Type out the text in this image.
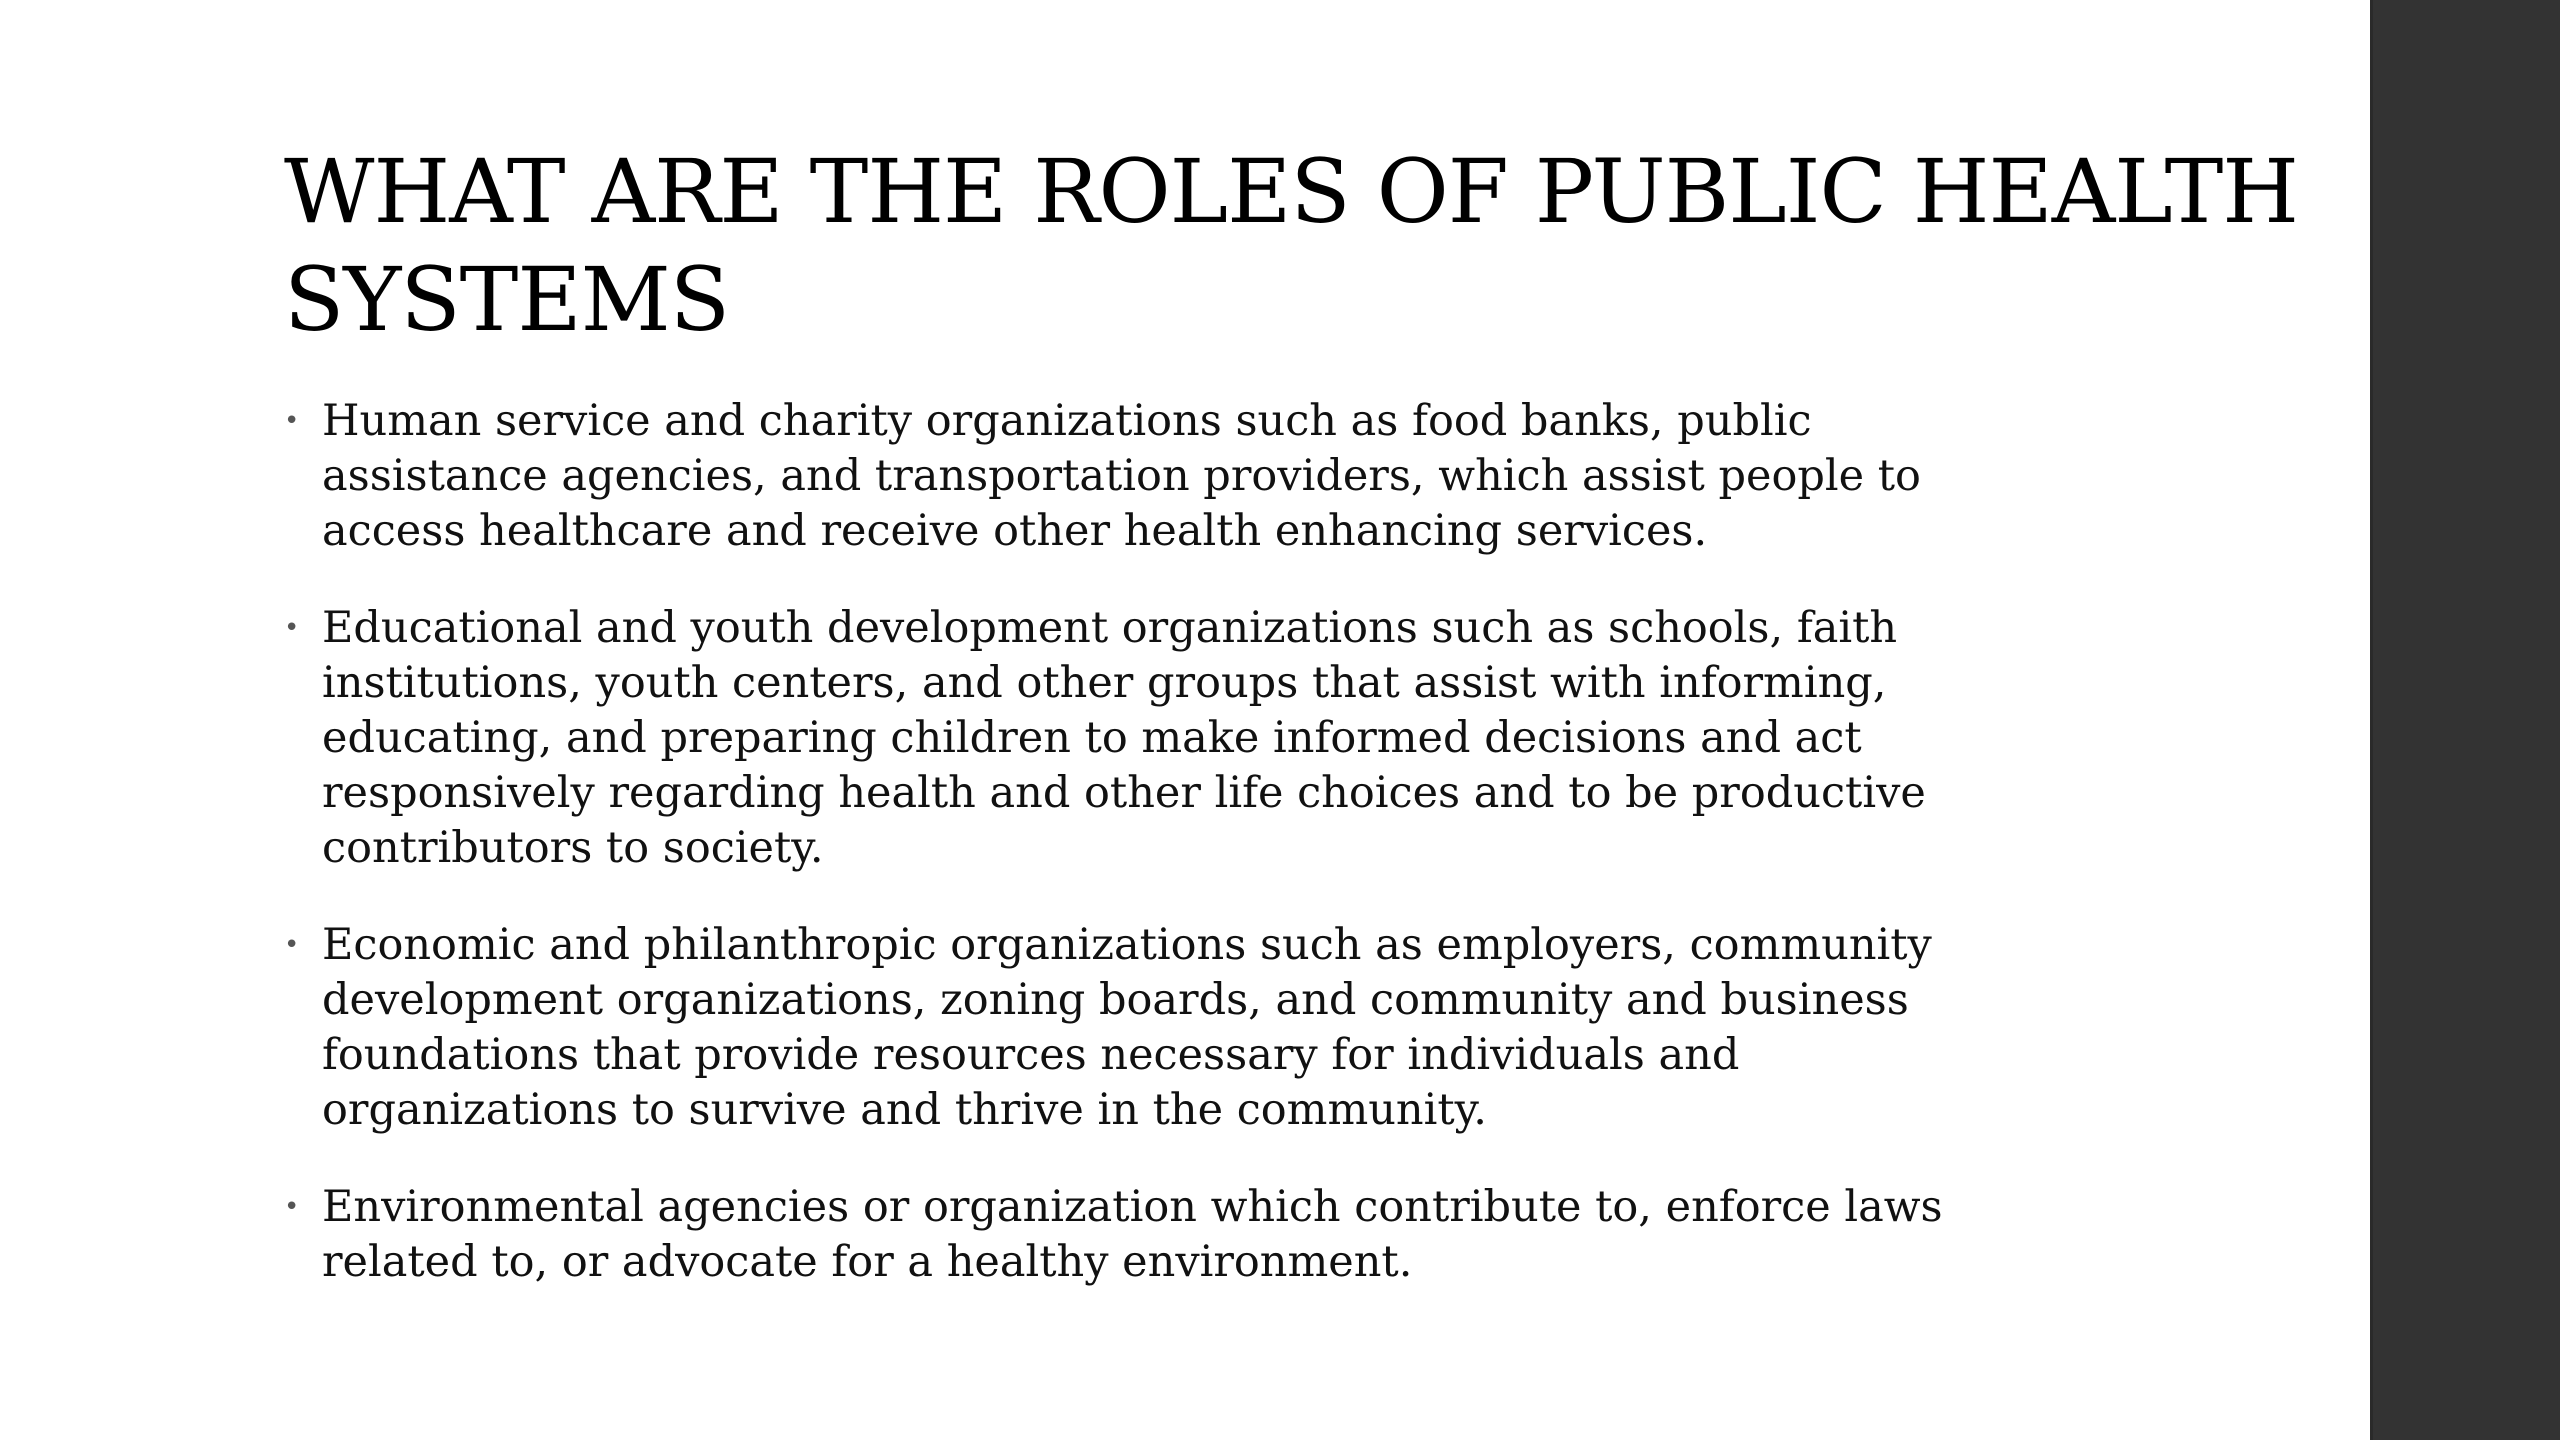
WHAT ARE THE ROLES OF PUBLIC HEALTH SYSTEMS
• Human service and charity organizations such as food banks, public assistance agencies, and transportation providers, which assist people to access healthcare and receive other health enhancing services.
• Educational and youth development organizations such as schools, faith institutions, youth centers, and other groups that assist with informing, educating, and preparing children to make informed decisions and act responsively regarding health and other life choices and to be productive contributors to society.
• Economic and philanthropic organizations such as employers, community development organizations, zoning boards, and community and business foundations that provide resources necessary for individuals and organizations to survive and thrive in the community.
• Environmental agencies or organization which contribute to, enforce laws related to, or advocate for a healthy environment.
